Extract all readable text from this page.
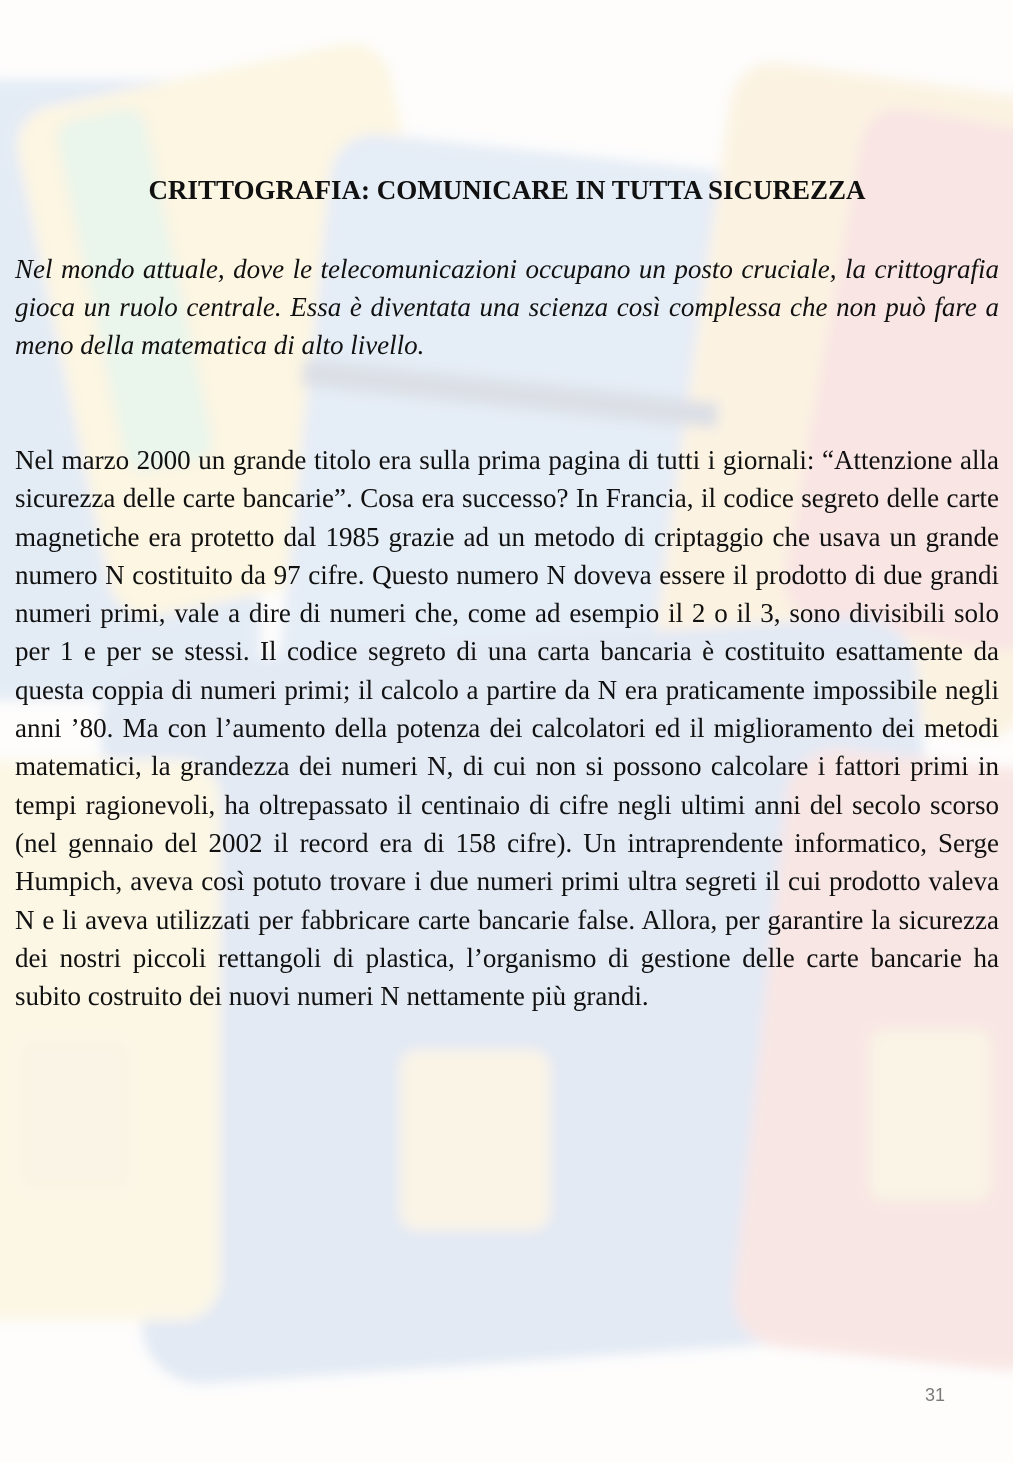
CRITTOGRAFIA: COMUNICARE IN TUTTA SICUREZZA

Nel mondo attuale, dove le telecomunicazioni occupano un posto cruciale, la crittografia gioca un ruolo centrale. Essa è diventata una scienza così complessa che non può fare a meno della matematica di alto livello.

Nel marzo 2000 un grande titolo era sulla prima pagina di tutti i giornali: “Attenzione alla sicurezza delle carte bancarie”. Cosa era successo? In Francia, il codice segreto delle carte magnetiche era protetto dal 1985 grazie ad un metodo di criptaggio che usava un grande numero N costituito da 97 cifre. Questo numero N doveva essere il prodotto di due grandi numeri primi, vale a dire di numeri che, come ad esempio il 2 o il 3, sono divisibili solo per 1 e per se stessi. Il codice segreto di una carta bancaria è costituito esattamente da questa coppia di numeri primi; il calcolo a partire da N era praticamente impossibile negli anni ’80. Ma con l’aumento della potenza dei calcolatori ed il miglioramento dei metodi matematici, la grandezza dei numeri N, di cui non si possono calcolare i fattori primi in tempi ragionevoli, ha oltrepassato il centinaio di cifre negli ultimi anni del secolo scorso (nel gennaio del 2002 il record era di 158 cifre). Un intraprendente informatico, Serge Humpich, aveva così potuto trovare i due numeri primi ultra segreti il cui prodotto valeva N e li aveva utilizzati per fabbricare carte bancarie false. Allora, per garantire la sicurezza dei nostri piccoli rettangoli di plastica, l’organismo di gestione delle carte bancarie ha subito costruito dei nuovi numeri N nettamente più grandi.

31
